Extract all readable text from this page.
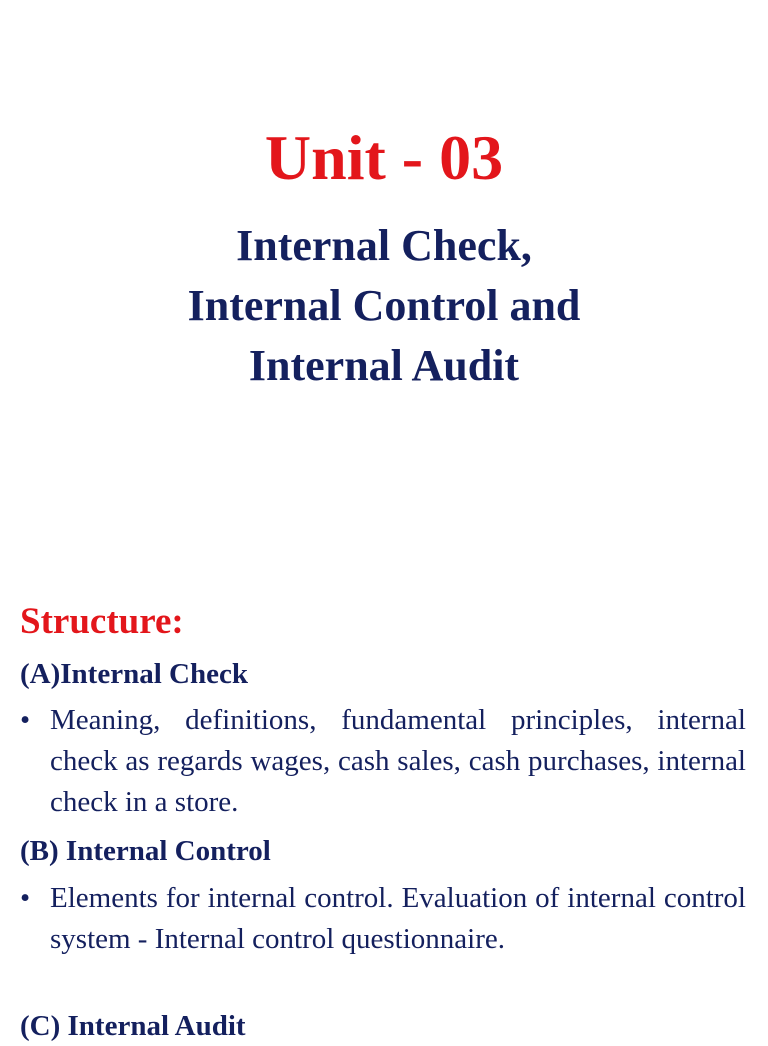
Unit - 03
Internal Check,
Internal Control and
Internal Audit
Structure:
(A)Internal Check
• Meaning, definitions, fundamental principles, internal check as regards wages, cash sales, cash purchases, internal check in a store.
(B) Internal Control
• Elements for internal control. Evaluation of internal control system - Internal control questionnaire.
(C) Internal Audit
